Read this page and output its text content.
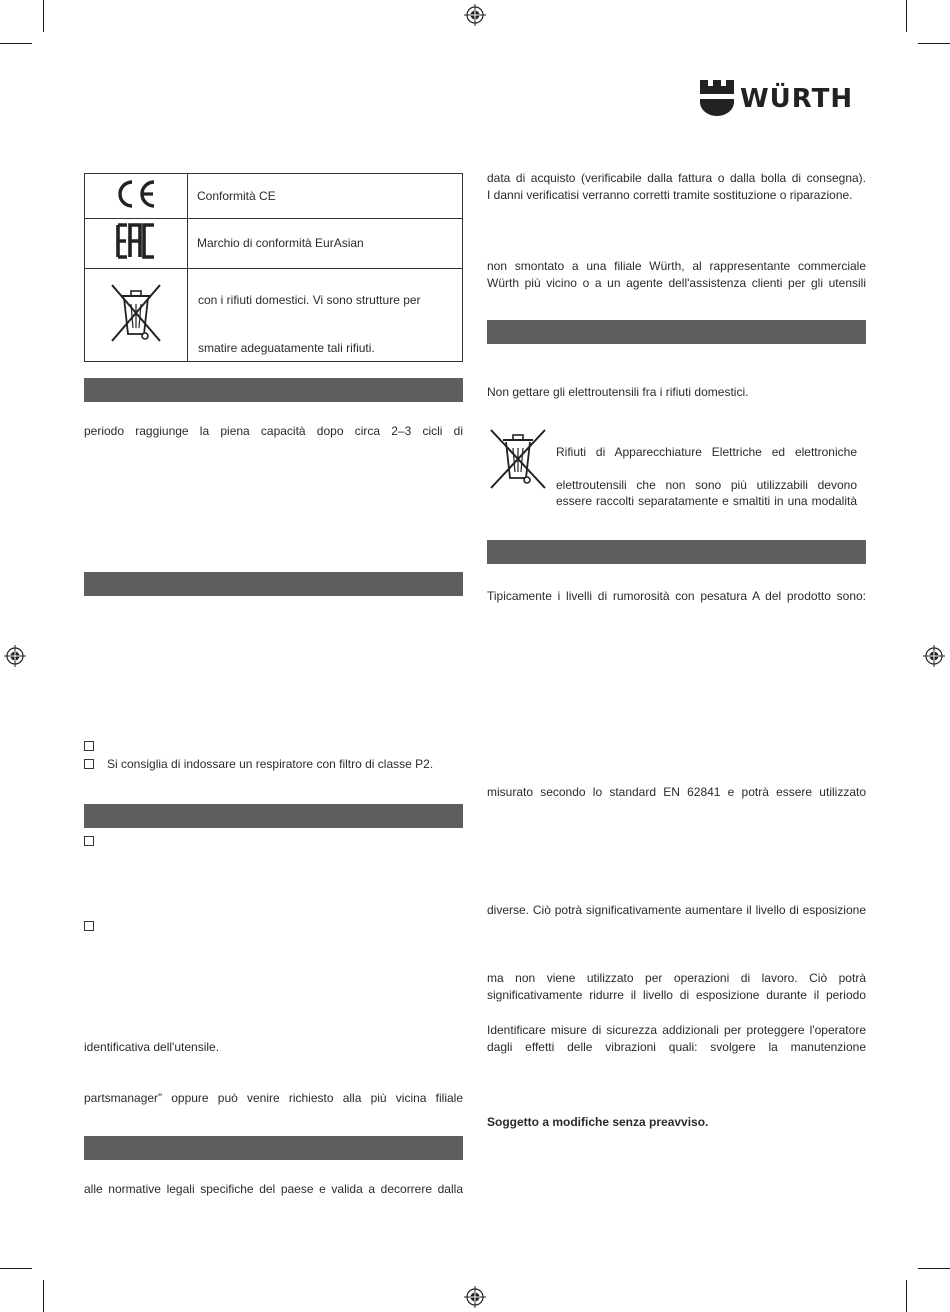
WÜRTH
	Conformità CE
	Marchio di conformità EurAsian

con i rifiuti domestici. Vi sono strutture per
smatire adeguatamente tali rifiuti.
periodo raggiunge la piena capacità dopo circa 2–3 cicli di
Si consiglia di indossare un respiratore con filtro di classe P2.
identificativa dell'utensile.
partsmanager” oppure può venire richiesto alla più vicina filiale
alle normative legali specifiche del paese e valida a decorrere dalla
data di acquisto (verificabile dalla fattura o dalla bolla di consegna).
I danni verificatisi verranno corretti tramite sostituzione o riparazione.
non smontato a una filiale Würth, al rappresentante commerciale
Würth più vicino o a un agente dell'assistenza clienti per gli utensili
Non gettare gli elettroutensili fra i rifiuti domestici.
Rifiuti di Apparecchiature Elettriche ed elettroniche
elettroutensili che non sono più utilizzabili devono
essere raccolti separatamente e smaltiti in una modalità
Tipicamente i livelli di rumorosità con pesatura A del prodotto sono:
misurato secondo lo standard EN 62841 e potrà essere utilizzato
diverse. Ciò potrà significativamente aumentare il livello di esposizione
ma non viene utilizzato per operazioni di lavoro. Ciò potrà
significativamente ridurre il livello di esposizione durante il periodo
Identificare misure di sicurezza addizionali per proteggere l'operatore
dagli effetti delle vibrazioni quali: svolgere la manutenzione
Soggetto a modifiche senza preavviso.
